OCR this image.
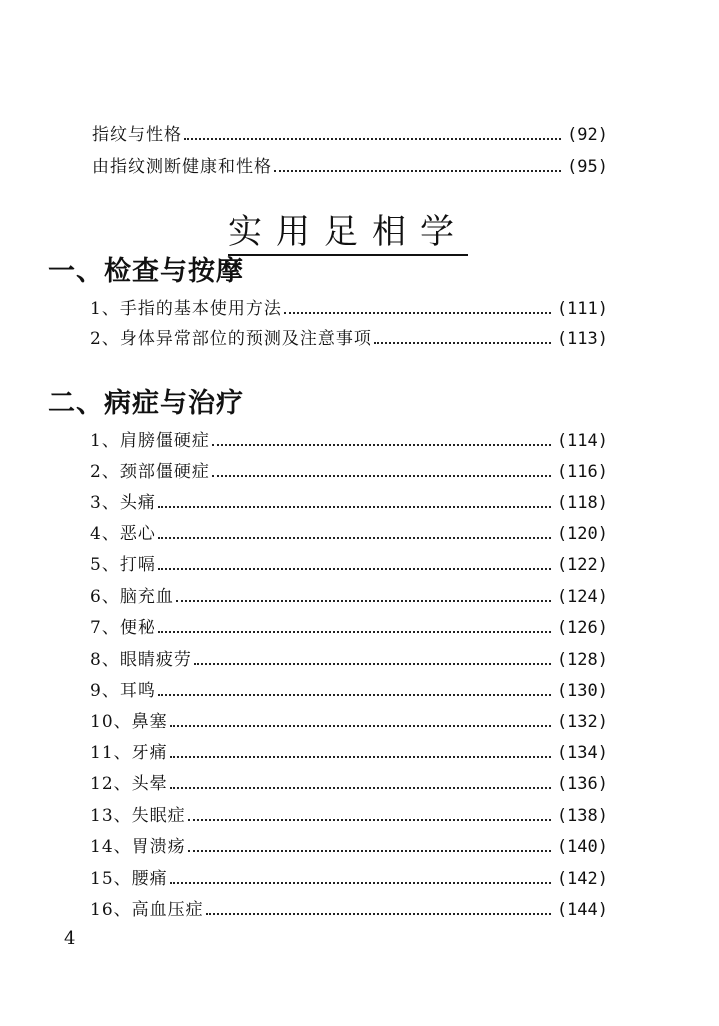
指纹与性格	(92)
由指纹测断健康和性格	(95)
实用足相学
一、检查与按摩
1、手指的基本使用方法	(111)
2、身体异常部位的预测及注意事项	(113)
二、病症与治疗
1、肩膀僵硬症	(114)
2、颈部僵硬症	(116)
3、头痛	(118)
4、恶心	(120)
5、打嗝	(122)
6、脑充血	(124)
7、便秘	(126)
8、眼睛疲劳	(128)
9、耳鸣	(130)
10、鼻塞	(132)
11、牙痛	(134)
12、头晕	(136)
13、失眠症	(138)
14、胃溃疡	(140)
15、腰痛	(142)
16、高血压症	(144)
4
